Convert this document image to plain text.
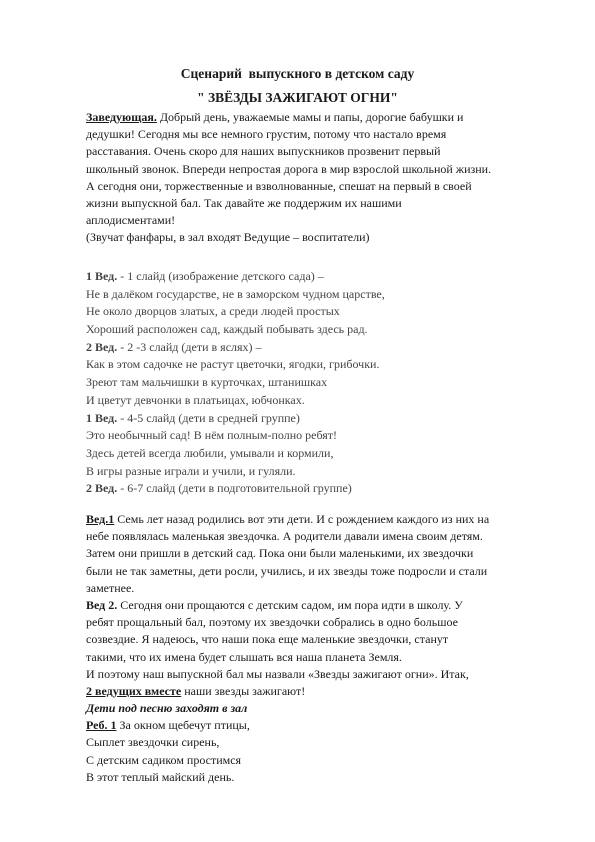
Сценарий  выпускного в детском саду
" ЗВЁЗДЫ ЗАЖИГАЮТ ОГНИ"
Заведующая. Добрый день, уважаемые мамы и папы, дорогие бабушки и
дедушки! Сегодня мы все немного грустим, потому что настало время
расставания. Очень скоро для наших выпускников прозвенит первый
школьный звонок. Впереди непростая дорога в мир взрослой школьной жизни.
А сегодня они, торжественные и взволнованные, спешат на первый в своей
жизни выпускной бал. Так давайте же поддержим их нашими
аплодисментами!
(Звучат фанфары, в зал входят Ведущие – воспитатели)
1 Вед. - 1 слайд (изображение детского сада) –
Не в далёком государстве, не в заморском чудном царстве,
Не около дворцов златых, а среди людей простых
Хороший расположен сад, каждый побывать здесь рад.
2 Вед. - 2 -3 слайд (дети в яслях) –
Как в этом садочке не растут цветочки, ягодки, грибочки.
Зреют там мальчишки в курточках, штанишках
И цветут девчонки в платьицах, юбчонках.
1 Вед. - 4-5 слайд (дети в средней группе)
Это необычный сад! В нём полным-полно ребят!
Здесь детей всегда любили, умывали и кормили,
В игры разные играли и учили, и гуляли.
2 Вед. - 6-7 слайд (дети в подготовительной группе)
Вед.1 Семь лет назад родились вот эти дети. И с рождением каждого из них на
небе появлялась маленькая звездочка. А родители давали имена своим детям.
Затем они пришли в детский сад. Пока они были маленькими, их звездочки
были не так заметны, дети росли, учились, и их звезды тоже подросли и стали
заметнее.
Вед 2. Сегодня они прощаются с детским садом, им пора идти в школу. У
ребят прощальный бал, поэтому их звездочки собрались в одно большое
созвездие. Я надеюсь, что наши пока еще маленькие звездочки, станут
такими, что их имена будет слышать вся наша планета Земля.
И поэтому наш выпускной бал мы назвали «Звезды зажигают огни». Итак,
2 ведущих вместе наши звезды зажигают!
Дети под песню заходят в зал
Реб. 1 За окном щебечут птицы,
Сыплет звездочки сирень,
С детским садиком простимся
В этот теплый майский день.
